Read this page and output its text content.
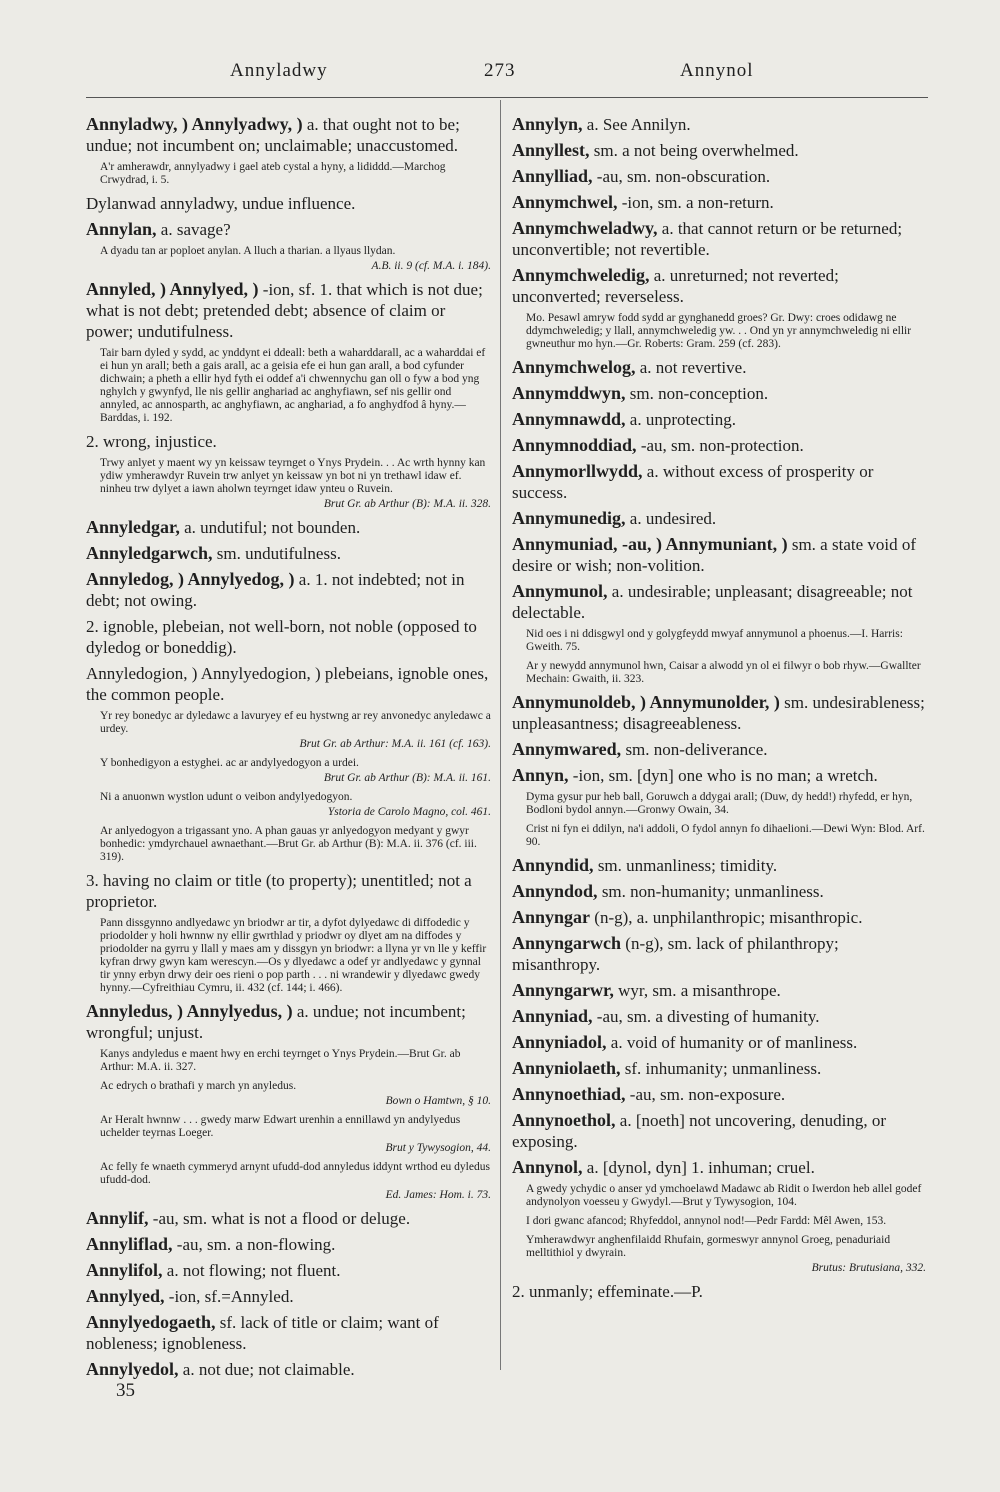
Annyladwy	273	Annynol
Annyladwy, ) Annylyadwy, ) a. that ought not to be; undue; not incumbent on; unclaimable; unaccustomed.
A'r amherawdr, annylyadwy i gael ateb cystal a hyny, a lididdd.—Marchog Crwydrad, i. 5.
Dylanwad annyladwy, undue influence.
Annylan, a. savage?
A dyadu tan ar poploet anylan. A lluch a tharian. a llyaus llydan.
A.B. ii. 9 (cf. M.A. i. 184).
Annyled, ) Annylyed, ) -ion, sf. 1. that which is not due; what is not debt; pretended debt; absence of claim or power; undutifulness.
Tair barn dyled y sydd, ac ynddynt ei ddeall: beth a waharddarall, ac a waharddai ef ei hun yn arall; beth a gais arall, ac a geisia efe ei hun gan arall, a bod cyfunder dichwain; a pheth a ellir hyd fyth ei oddef a'i chwennychu gan oll o fyw a bod yng nghylch y gwynfyd, lle nis gellir anghariad ac anghyfiawn, sef nis gellir ond annyled, ac annosparth, ac anghyfiawn, ac anghariad, a fo anghydfod â hyny.—Barddas, i. 192.
2. wrong, injustice.
Trwy anlyet y maent wy yn keissaw teyrnget o Ynys Prydein. . . Ac wrth hynny kan ydiw ymherawdyr Ruvein trw anlyet yn keissaw yn bot ni yn trethawl idaw ef. ninheu trw dylyet a iawn aholwn teyrnget idaw ynteu o Ruvein.
Brut Gr. ab Arthur (B): M.A. ii. 328.
Annyledgar, a. undutiful; not bounden.
Annyledgarwch, sm. undutifulness.
Annyledog, ) Annylyedog, ) a. 1. not indebted; not in debt; not owing.
2. ignoble, plebeian, not well-born, not noble (opposed to dyledog or boneddig).
Annyledogion, ) Annylyedogion, ) plebeians, ignoble ones, the common people.
Yr rey bonedyc ar dyledawc a lavuryey ef eu hystwng ar rey anvonedyc anyledawc a urdey.
Brut Gr. ab Arthur: M.A. ii. 161 (cf. 163).
Y bonhedigyon a estyghei. ac ar andylyedogyon a urdei.
Brut Gr. ab Arthur (B): M.A. ii. 161.
Ni a anuonwn wystlon udunt o veibon andylyedogyon.
Ystoria de Carolo Magno, col. 461.
Ar anlyedogyon a trigassant yno. A phan gauas yr anlyedogyon medyant y gwyr bonhedic: ymdyrchauel awnaethant.—Brut Gr. ab Arthur (B): M.A. ii. 376 (cf. iii. 319).
3. having no claim or title (to property); unentitled; not a proprietor.
Pann dissgynno andlyedawc yn briodwr ar tir, a dyfot dylyedawc di diffodedic y priodolder y holi hwnnw ny ellir gwrthlad y priodwr oy dlyet am na diffodes y priodolder na gyrru y llall y maes am y dissgyn yn briodwr: a llyna yr vn lle y keffir kyfran drwy gwyn kam werescyn.—Os y dlyedawc a odef yr andlyedawc y gynnal tir ynny erbyn drwy deir oes rieni o pop parth . . . ni wrandewir y dlyedawc gwedy hynny.—Cyfreithiau Cymru, ii. 432 (cf. 144; i. 466).
Annyledus, ) Annylyedus, ) a. undue; not incumbent; wrongful; unjust.
Kanys andyledus e maent hwy en erchi teyrnget o Ynys Prydein.—Brut Gr. ab Arthur: M.A. ii. 327.
Ac edrych o brathafi y march yn anyledus.
Bown o Hamtwn, § 10.
Ar Heralt hwnnw . . . gwedy marw Edwart urenhin a ennillawd yn andylyedus uchelder teyrnas Loeger.
Brut y Tywysogion, 44.
Ac felly fe wnaeth cymmeryd arnynt ufudd-dod annyledus iddynt wrthod eu dyledus ufudd-dod.
Ed. James: Hom. i. 73.
Annylif, -au, sm. what is not a flood or deluge.
Annyliflad, -au, sm. a non-flowing.
Annylifol, a. not flowing; not fluent.
Annylyed, -ion, sf.=Annyled.
Annylyedogaeth, sf. lack of title or claim; want of nobleness; ignobleness.
Annylyedol, a. not due; not claimable.
Annylyn, a. See Annilyn.
Annyllest, sm. a not being overwhelmed.
Annylliad, -au, sm. non-obscuration.
Annymchwel, -ion, sm. a non-return.
Annymchweladwy, a. that cannot return or be returned; unconvertible; not revertible.
Annymchweledig, a. unreturned; not reverted; unconverted; reverseless.
Mo. Pesawl amryw fodd sydd ar gynghanedd groes? Gr. Dwy: croes odidawg ne ddymchweledig; y llall, annymchweledig yw. . . Ond yn yr annymchweledig ni ellir gwneuthur mo hyn.—Gr. Roberts: Gram. 259 (cf. 283).
Annymchwelog, a. not revertive.
Annymddwyn, sm. non-conception.
Annymnawdd, a. unprotecting.
Annymnoddiad, -au, sm. non-protection.
Annymorllwydd, a. without excess of prosperity or success.
Annymunedig, a. undesired.
Annymuniad, -au, ) Annymuniant, ) sm. a state void of desire or wish; non-volition.
Annymunol, a. undesirable; unpleasant; disagreeable; not delectable.
Nid oes i ni ddisgwyl ond y golygfeydd mwyaf annymunol a phoenus.—I. Harris: Gweith. 75.
Ar y newydd annymunol hwn, Caisar a alwodd yn ol ei filwyr o bob rhyw.—Gwallter Mechain: Gwaith, ii. 323.
Annymunoldeb, ) Annymunolder, ) sm. undesirableness; unpleasantness; disagreeableness.
Annymwared, sm. non-deliverance.
Annyn, -ion, sm. [dyn] one who is no man; a wretch.
Dyma gysur pur heb ball, Goruwch a ddygai arall; (Duw, dy hedd!) rhyfedd, er hyn, Bodloni bydol annyn.—Gronwy Owain, 34.
Crist ni fyn ei ddilyn, na'i addoli, O fydol annyn fo dihaelioni.—Dewi Wyn: Blod. Arf. 90.
Annyndid, sm. unmanliness; timidity.
Annyndod, sm. non-humanity; unmanliness.
Annyngar (n-g), a. unphilanthropic; misanthropic.
Annyngarwch (n-g), sm. lack of philanthropy; misanthropy.
Annyngarwr, wyr, sm. a misanthrope.
Annyniad, -au, sm. a divesting of humanity.
Annyniadol, a. void of humanity or of manliness.
Annyniolaeth, sf. inhumanity; unmanliness.
Annynoethiad, -au, sm. non-exposure.
Annynoethol, a. [noeth] not uncovering, denuding, or exposing.
Annynol, a. [dynol, dyn] 1. inhuman; cruel.
A gwedy ychydic o anser yd ymchoelawd Madawc ab Ridit o Iwerdon heb allel godef andynolyon voesseu y Gwydyl.—Brut y Tywysogion, 104.
I dori gwanc afancod; Rhyfeddol, annynol nod!—Pedr Fardd: Mêl Awen, 153.
Ymherawdwyr anghenfilaidd Rhufain, gormeswyr annynol Groeg, penaduriaid melltithiol y dwyrain.
Brutus: Brutusiana, 332.
2. unmanly; effeminate.—P.
35
